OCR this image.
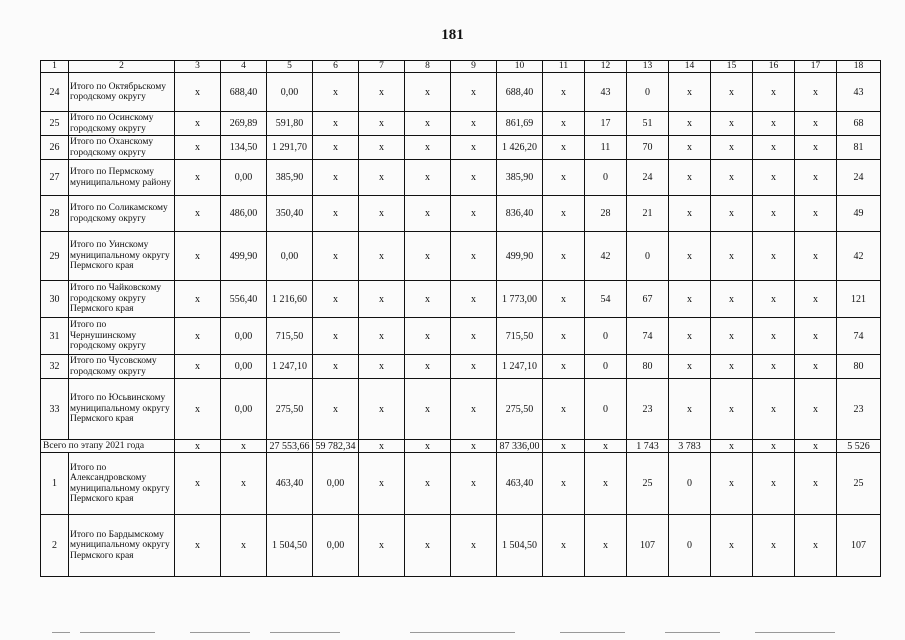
181
1	2	3	4	5	6	7	8	9	10	11	12	13	14	15	16	17	18
24	Итого по Октябрьскому городскому округу	x	688,40	0,00	x	x	x	x	688,40	x	43	0	x	x	x	x	43
25	Итого по Осинскому городскому округу	x	269,89	591,80	x	x	x	x	861,69	x	17	51	x	x	x	x	68
26	Итого по Оханскому городскому округу	x	134,50	1 291,70	x	x	x	x	1 426,20	x	11	70	x	x	x	x	81
27	Итого по Пермскому муниципальному району	x	0,00	385,90	x	x	x	x	385,90	x	0	24	x	x	x	x	24
28	Итого по Соликамскому городскому округу	x	486,00	350,40	x	x	x	x	836,40	x	28	21	x	x	x	x	49
29	Итого по Уинскому муниципальному округу Пермского края	x	499,90	0,00	x	x	x	x	499,90	x	42	0	x	x	x	x	42
30	Итого по Чайковскому городскому округу Пермского края	x	556,40	1 216,60	x	x	x	x	1 773,00	x	54	67	x	x	x	x	121
31	Итого по Чернушинскому городскому округу	x	0,00	715,50	x	x	x	x	715,50	x	0	74	x	x	x	x	74
32	Итого по Чусовскому городскому округу	x	0,00	1 247,10	x	x	x	x	1 247,10	x	0	80	x	x	x	x	80
33	Итого по Юсьвинскому муниципальному округу Пермского края	x	0,00	275,50	x	x	x	x	275,50	x	0	23	x	x	x	x	23
Всего по этапу 2021 года		x	x	27 553,66	59 782,34	x	x	x	87 336,00	x	x	1 743	3 783	x	x	x	5 526
1	Итого по Александровскому муниципальному округу Пермского края	x	x	463,40	0,00	x	x	x	463,40	x	x	25	0	x	x	x	25
2	Итого по Бардымскому муниципальному округу Пермского края	x	x	1 504,50	0,00	x	x	x	1 504,50	x	x	107	0	x	x	x	107
